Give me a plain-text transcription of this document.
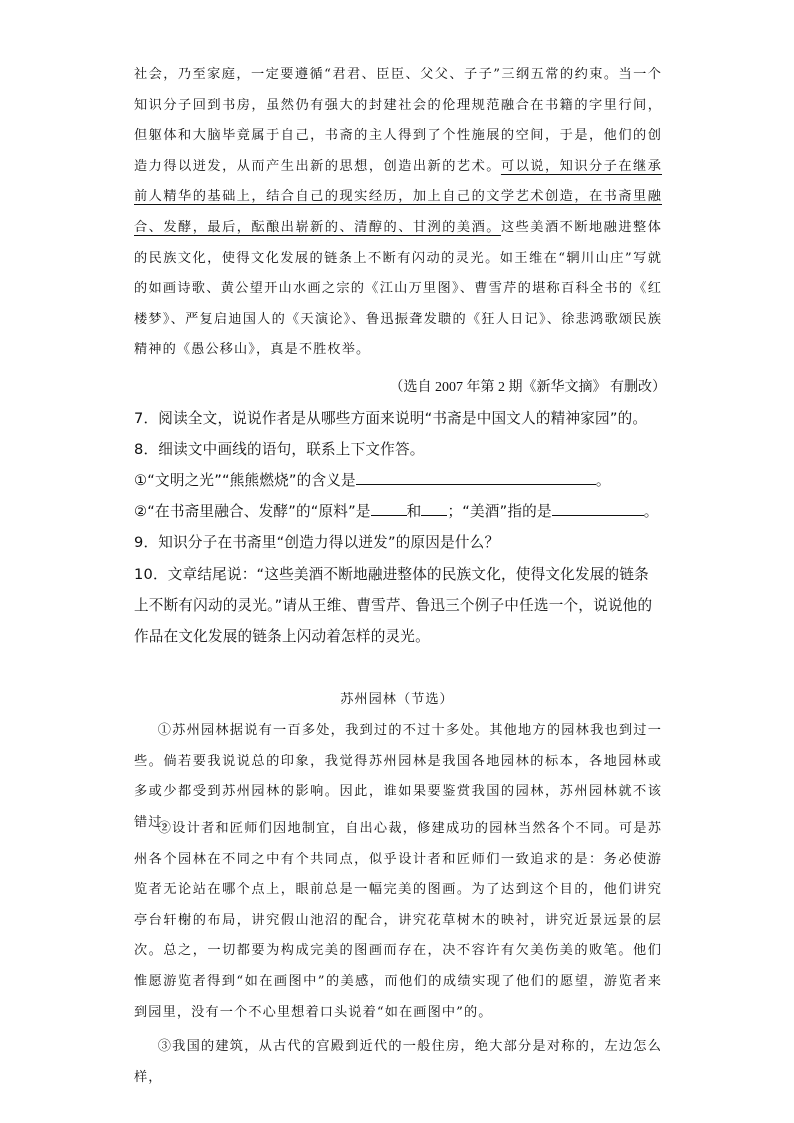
社会，乃至家庭，一定要遵循“君君、臣臣、父父、子子”三纲五常的约束。当一个知识分子回到书房，虽然仍有强大的封建社会的伦理规范融合在书籍的字里行间，但躯体和大脑毕竟属于自己，书斋的主人得到了个性施展的空间，于是，他们的创造力得以迸发，从而产生出新的思想，创造出新的艺术。可以说，知识分子在继承前人精华的基础上，结合自己的现实经历，加上自己的文学艺术创造，在书斋里融合、发酵，最后，酝酿出崭新的、清醇的、甘洌的美酒。这些美酒不断地融进整体的民族文化，使得文化发展的链条上不断有闪动的灵光。如王维在“辋川山庄”写就的如画诗歌、黄公望开山水画之宗的《江山万里图》、曹雪芹的堪称百科全书的《红楼梦》、严复启迪国人的《天演论》、鲁迅振聋发聩的《狂人日记》、徐悲鸿歌颂民族精神的《愚公移山》，真是不胜枚举。

（选自 2007 年第 2 期《新华文摘》 有删改）
7．阅读全文，说说作者是从哪些方面来说明“书斋是中国文人的精神家园”的。
8．细读文中画线的语句，联系上下文作答。
①“文明之光”“熊熊燃烧”的含义是	。
②“在书斋里融合、发酵”的“原料”是 和 ；“美酒”指的是	。
9．知识分子在书斋里“创造力得以迸发”的原因是什么？
10．文章结尾说：“这些美酒不断地融进整体的民族文化，使得文化发展的链条上不断有闪动的灵光。”请从王维、曹雪芹、鲁迅三个例子中任选一个，说说他的作品在文化发展的链条上闪动着怎样的灵光。
苏州园林（节选）

①苏州园林据说有一百多处，我到过的不过十多处。其他地方的园林我也到过一些。倘若要我说说总的印象，我觉得苏州园林是我国各地园林的标本，各地园林或多或少都受到苏州园林的影响。因此，谁如果要鉴赏我国的园林，苏州园林就不该错过。

②设计者和匠师们因地制宜，自出心裁，修建成功的园林当然各个不同。可是苏州各个园林在不同之中有个共同点，似乎设计者和匠师们一致追求的是：务必使游览者无论站在哪个点上，眼前总是一幅完美的图画。为了达到这个目的，他们讲究亭台轩榭的布局，讲究假山池沼的配合，讲究花草树木的映衬，讲究近景远景的层次。总之，一切都要为构成完美的图画而存在，决不容许有欠美伤美的败笔。他们惟愿游览者得到“如在画图中”的美感，而他们的成绩实现了他们的愿望，游览者来到园里，没有一个不心里想着口头说着“如在画图中”的。

③我国的建筑，从古代的宫殿到近代的一般住房，绝大部分是对称的，左边怎么样，
